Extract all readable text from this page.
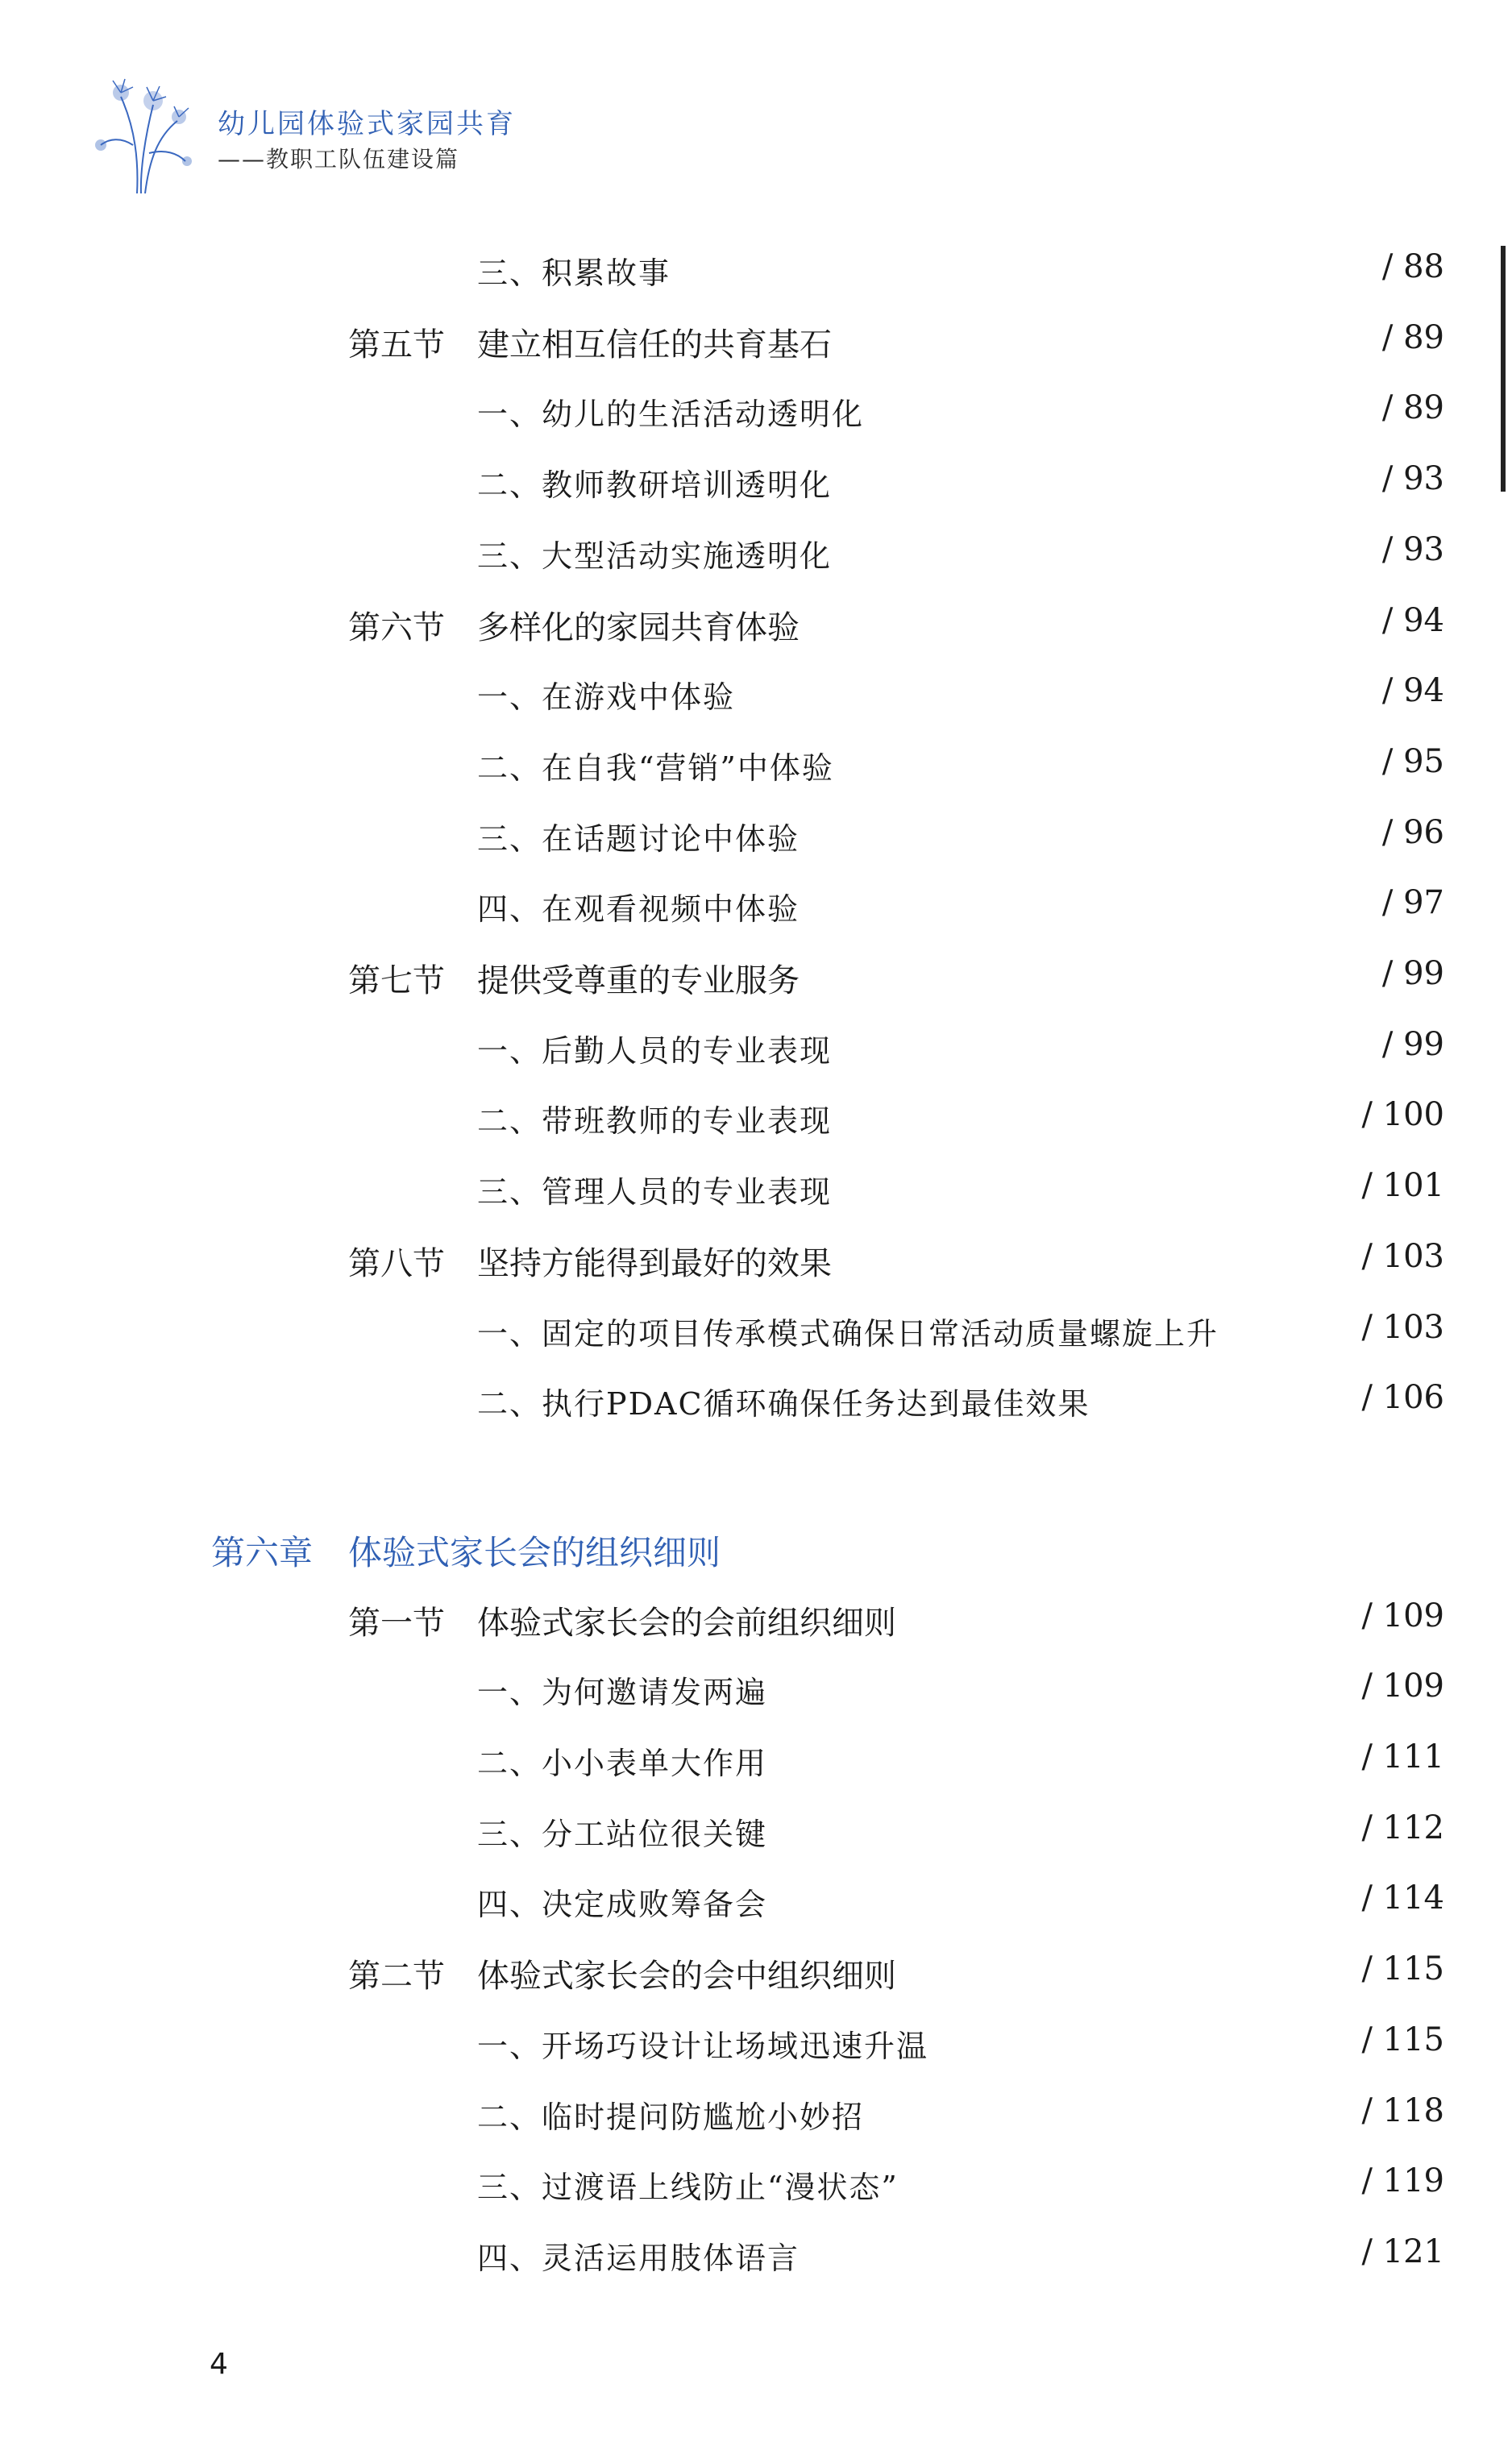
幼儿园体验式家园共育
——教职工队伍建设篇
三、积累故事	/ 88
第五节 建立相互信任的共育基石	/ 89
一、幼儿的生活活动透明化	/ 89
二、教师教研培训透明化	/ 93
三、大型活动实施透明化	/ 93
第六节 多样化的家园共育体验	/ 94
一、在游戏中体验	/ 94
二、在自我“营销”中体验	/ 95
三、在话题讨论中体验	/ 96
四、在观看视频中体验	/ 97
第七节 提供受尊重的专业服务	/ 99
一、后勤人员的专业表现	/ 99
二、带班教师的专业表现	/ 100
三、管理人员的专业表现	/ 101
第八节 坚持方能得到最好的效果	/ 103
一、固定的项目传承模式确保日常活动质量螺旋上升	/ 103
二、执行PDAC循环确保任务达到最佳效果	/ 106
第六章 体验式家长会的组织细则
第一节 体验式家长会的会前组织细则	/ 109
一、为何邀请发两遍	/ 109
二、小小表单大作用	/ 111
三、分工站位很关键	/ 112
四、决定成败筹备会	/ 114
第二节 体验式家长会的会中组织细则	/ 115
一、开场巧设计让场域迅速升温	/ 115
二、临时提问防尴尬小妙招	/ 118
三、过渡语上线防止“漫状态”	/ 119
四、灵活运用肢体语言	/ 121
4
